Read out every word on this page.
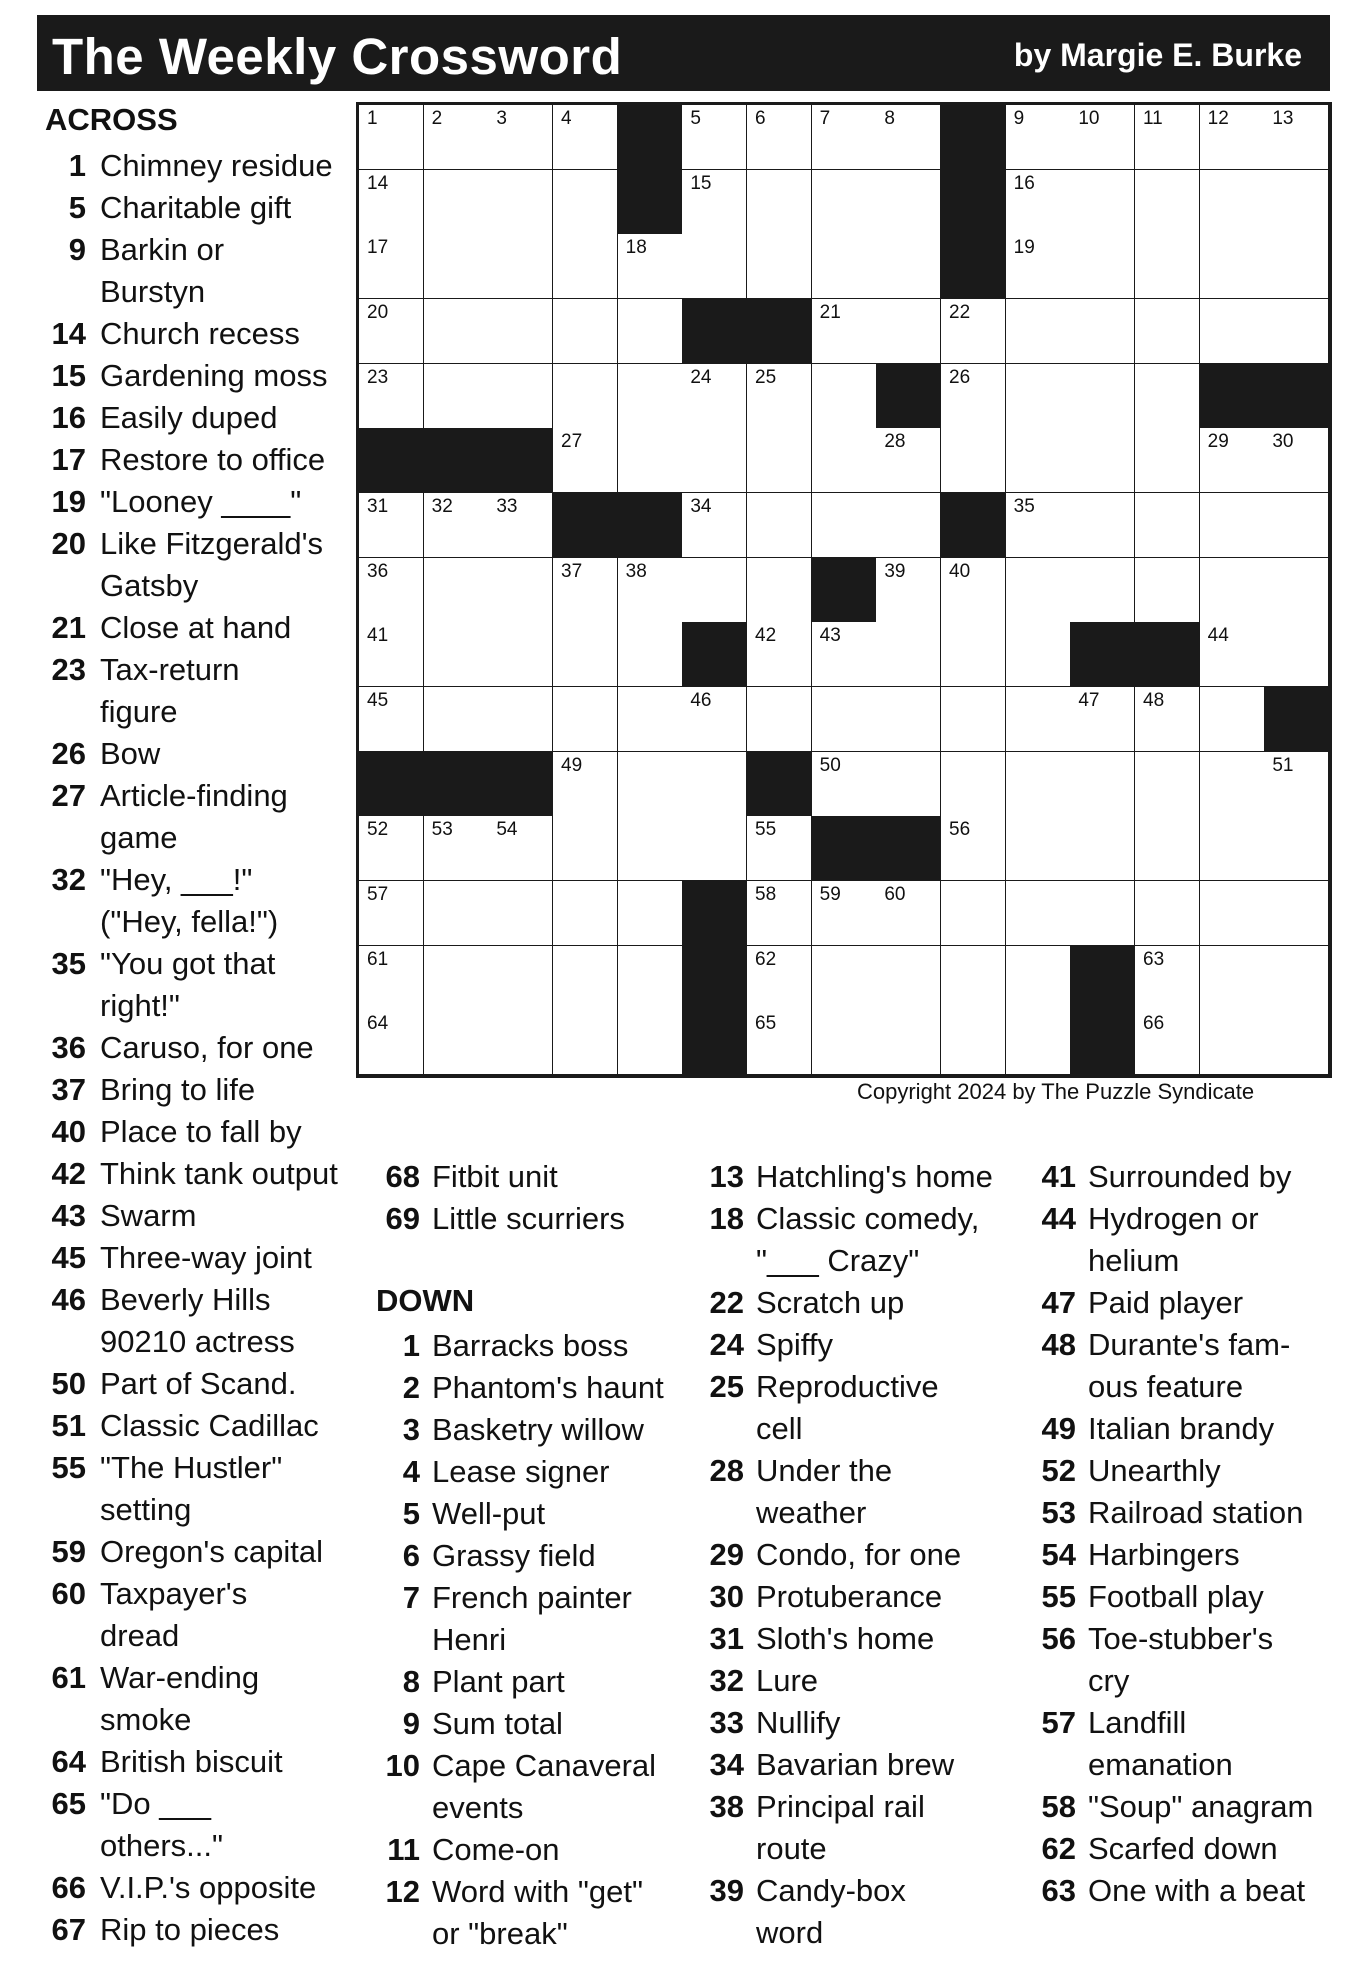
The Weekly Crossword	by Margie E. Burke
1	2	3	4	5	6	7	8	9	10 11 12 13
14	15	16
17	18	19
20	21	22
23	24 25	26
27	28	29 30
31 32 33	34	35
36	37 38	39 40
41	42 43	44
45	46	47 48
49	50	51
52 53 54	55	56
57	58 59 60
61	62	63
64	65	66
Copyright 2024 by The Puzzle Syndicate
ACROSS
DOWN
1 Chimney residue
5 Charitable gift
9 Barkin or
Burstyn
14 Church recess
15 Gardening moss
16 Easily duped
17 Restore to office
19 "Looney ____"
20 Like Fitzgerald's
Gatsby
21 Close at hand
23 Tax-return
figure
26 Bow
27 Article-finding
game
32 "Hey, ___!"
("Hey, fella!")
35 "You got that
right!"
36 Caruso, for one
37 Bring to life
40 Place to fall by
42 Think tank output
43 Swarm
45 Three-way joint
46 Beverly Hills
90210 actress
50 Part of Scand.
51 Classic Cadillac
55 "The Hustler"
setting
59 Oregon's capital
60 Taxpayer's
dread
61 War-ending
smoke
64 British biscuit
65 "Do ___
others..."
66 V.I.P.'s opposite
67 Rip to pieces
68 Fitbit unit
69 Little scurriers
1 Barracks boss
2 Phantom's haunt
3 Basketry willow
4 Lease signer
5 Well-put
6 Grassy field
7 French painter
Henri
8 Plant part
9 Sum total
10 Cape Canaveral
events
11 Come-on
12 Word with "get"
or "break"
13 Hatchling's home
18 Classic comedy,
"___ Crazy"
22 Scratch up
24 Spiffy
25 Reproductive
cell
28 Under the
weather
29 Condo, for one
30 Protuberance
31 Sloth's home
32 Lure
33 Nullify
34 Bavarian brew
38 Principal rail
route
39 Candy-box
word
41 Surrounded by
44 Hydrogen or
helium
47 Paid player
48 Durante's fam-
ous feature
49 Italian brandy
52 Unearthly
53 Railroad station
54 Harbingers
55 Football play
56 Toe-stubber's
cry
57 Landfill
emanation
58 "Soup" anagram
62 Scarfed down
63 One with a beat
